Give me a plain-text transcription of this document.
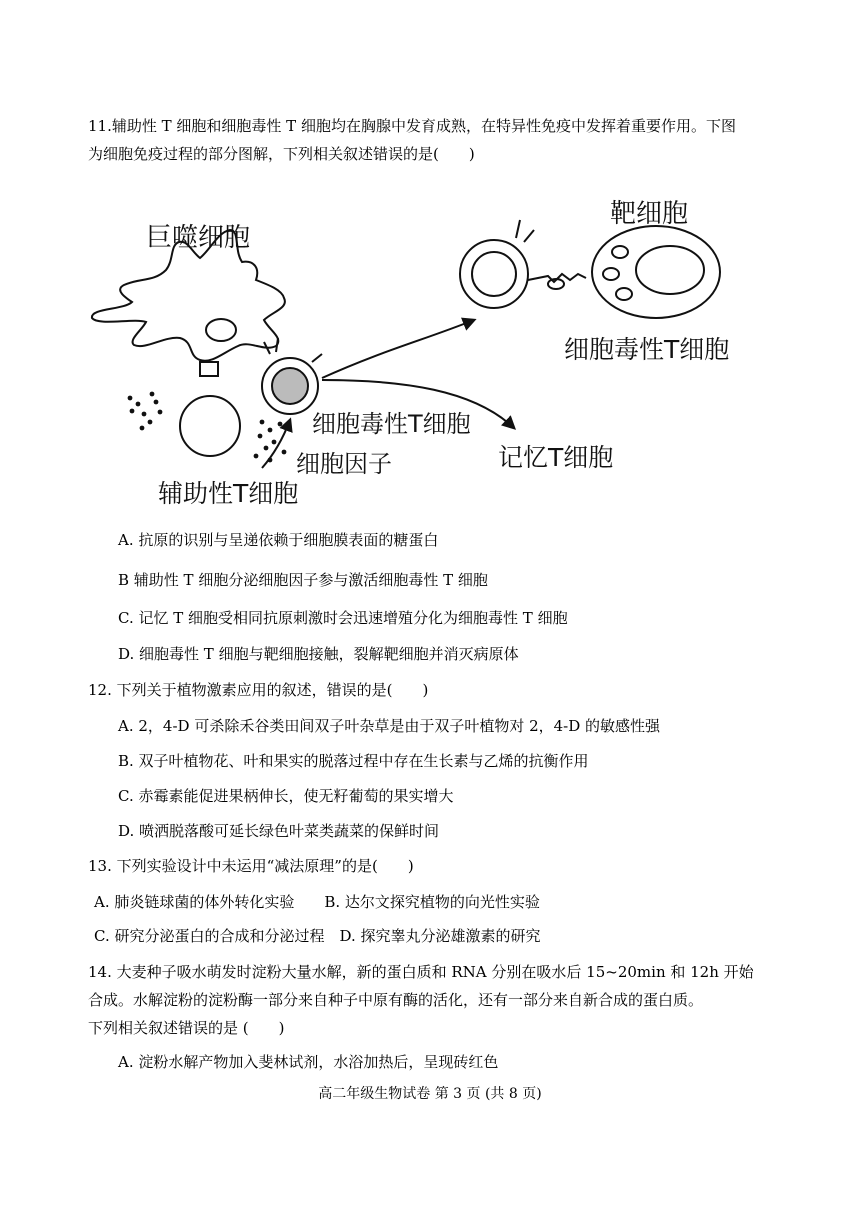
11.辅助性 T 细胞和细胞毒性 T 细胞均在胸腺中发育成熟，在特异性免疫中发挥着重要作用。下图
为细胞免疫过程的部分图解，下列相关叙述错误的是(　　)
巨噬细胞
辅助性T细胞
细胞毒性T细胞
细胞因子	记忆T细胞
靶细胞
细胞毒性T细胞
A. 抗原的识别与呈递依赖于细胞膜表面的糖蛋白
B 辅助性 T 细胞分泌细胞因子参与激活细胞毒性 T 细胞
C. 记忆 T 细胞受相同抗原刺激时会迅速增殖分化为细胞毒性 T 细胞
D. 细胞毒性 T 细胞与靶细胞接触，裂解靶细胞并消灭病原体
12. 下列关于植物激素应用的叙述，错误的是(　　)
A. 2，4-D 可杀除禾谷类田间双子叶杂草是由于双子叶植物对 2，4-D 的敏感性强
B. 双子叶植物花、叶和果实的脱落过程中存在生长素与乙烯的抗衡作用
C. 赤霉素能促进果柄伸长，使无籽葡萄的果实增大
D. 喷洒脱落酸可延长绿色叶菜类蔬菜的保鲜时间
13. 下列实验设计中未运用“减法原理”的是(　　)
A. 肺炎链球菌的体外转化实验　　B. 达尔文探究植物的向光性实验
C. 研究分泌蛋白的合成和分泌过程　D. 探究睾丸分泌雄激素的研究
14. 大麦种子吸水萌发时淀粉大量水解，新的蛋白质和 RNA 分别在吸水后 15~20min 和 12h 开始
合成。水解淀粉的淀粉酶一部分来自种子中原有酶的活化，还有一部分来自新合成的蛋白质。
下列相关叙述错误的是 (　　)
A. 淀粉水解产物加入斐林试剂，水浴加热后，呈现砖红色
高二年级生物试卷 第 3 页 (共 8 页)
